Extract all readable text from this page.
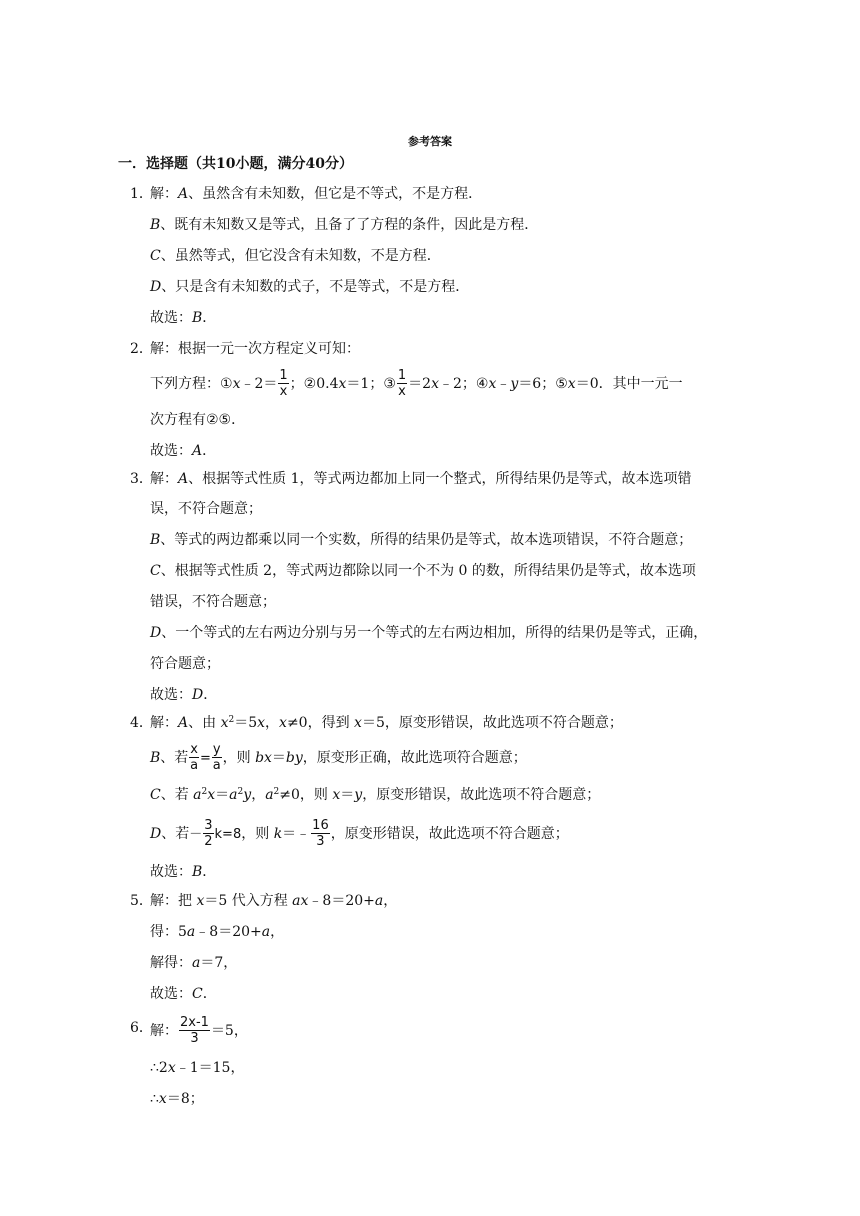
参考答案
一．选择题（共10小题，满分40分）
1．
解：A、虽然含有未知数，但它是不等式，不是方程．
B、既有未知数又是等式，且备了了方程的条件，因此是方程．
C、虽然等式，但它没含有未知数，不是方程．
D、只是含有未知数的式子，不是等式，不是方程．
故选：B．
2．
解：根据一元一次方程定义可知：
下列方程：①x﹣2＝ $\frac{1}{x}$ ；②0.4x＝1；③ $\frac{1}{x}$ ＝2x﹣2；④x﹣y＝6；⑤x＝0．其中一元一
次方程有②⑤．
故选：A．
3．
解：A、根据等式性质 1，等式两边都加上同一个整式，所得结果仍是等式，故本选项错
误，不符合题意；
B、等式的两边都乘以同一个实数，所得的结果仍是等式，故本选项错误，不符合题意；
C、根据等式性质 2，等式两边都除以同一个不为 0 的数，所得结果仍是等式，故本选项
错误，不符合题意；
D、一个等式的左右两边分别与另一个等式的左右两边相加，所得的结果仍是等式，正确，
符合题意；
故选：D．
4．
解：A、由 $x^2=5x$，x≠0，得到 x＝5，原变形错误，故此选项不符合题意；
B、若 $\frac{x}{a} = \frac{y}{a}$ ，则 bx＝by，原变形正确，故此选项符合题意；
C、若 $a^2x=a^2y$，$a^2\ne 0$，则 x＝y，原变形错误，故此选项不符合题意；
D、若－ $\frac{3}{2} k=8$，则 k＝﹣ $\frac{16}{3}$ ，原变形错误，故此选项不符合题意；
故选：B．
5．
解：把 x＝5 代入方程 ax﹣8＝20+a，
得：5a﹣8＝20+a，
解得：a＝7，
故选：C．
6．
解： $\frac{2x-1}{3} =5$，
∴2x﹣1＝15，
∴x＝8；
